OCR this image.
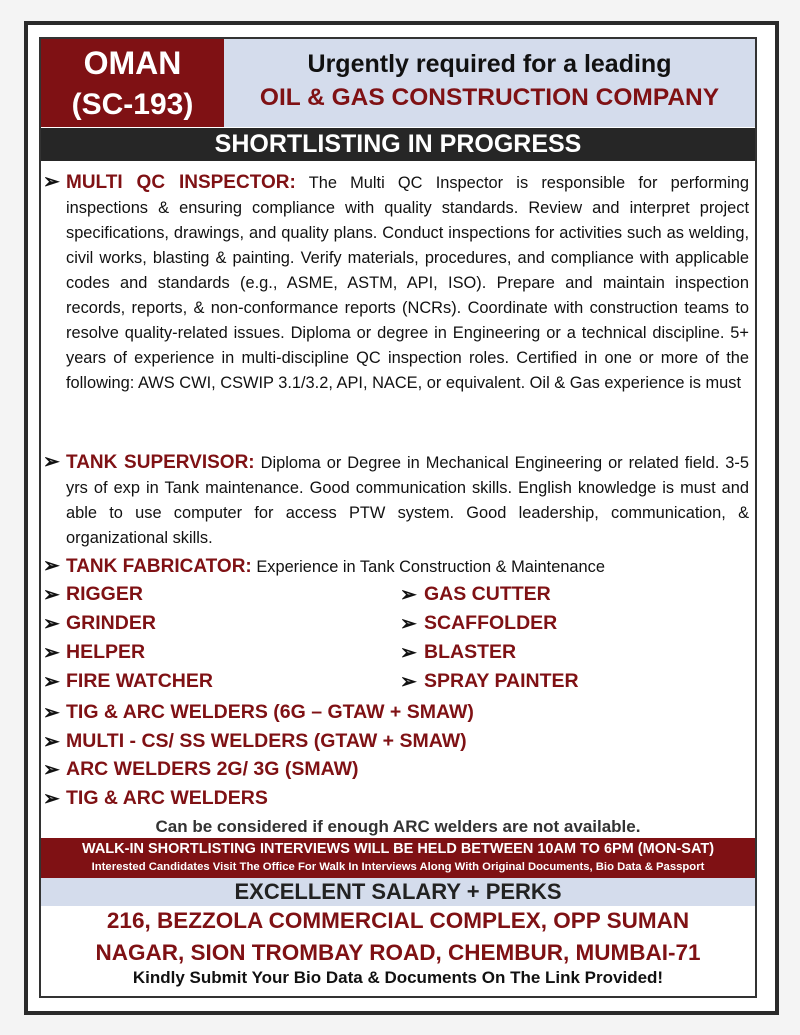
OMAN
(SC-193)
Urgently required for a leading
OIL & GAS CONSTRUCTION COMPANY
SHORTLISTING IN PROGRESS
➢ MULTI QC INSPECTOR: The Multi QC Inspector is responsible for performing inspections & ensuring compliance with quality standards. Review and interpret project specifications, drawings, and quality plans. Conduct inspections for activities such as welding, civil works, blasting & painting. Verify materials, procedures, and compliance with applicable codes and standards (e.g., ASME, ASTM, API, ISO). Prepare and maintain inspection records, reports, & non-conformance reports (NCRs). Coordinate with construction teams to resolve quality-related issues. Diploma or degree in Engineering or a technical discipline. 5+ years of experience in multi-discipline QC inspection roles. Certified in one or more of the following: AWS CWI, CSWIP 3.1/3.2, API, NACE, or equivalent. Oil & Gas experience is must
➢ TANK SUPERVISOR: Diploma or Degree in Mechanical Engineering or related field. 3-5 yrs of exp in Tank maintenance. Good communication skills. English knowledge is must and able to use computer for access PTW system. Good leadership, communication, & organizational skills.
➢ TANK FABRICATOR: Experience in Tank Construction & Maintenance
➢ RIGGER	➢ GAS CUTTER
➢ GRINDER	➢ SCAFFOLDER
➢ HELPER	➢ BLASTER
➢ FIRE WATCHER	➢ SPRAY PAINTER
➢ TIG & ARC WELDERS (6G – GTAW + SMAW)
➢ MULTI - CS/ SS WELDERS (GTAW + SMAW)
➢ ARC WELDERS 2G/ 3G (SMAW)
➢ TIG & ARC WELDERS
Can be considered if enough ARC welders are not available.
WALK-IN SHORTLISTING INTERVIEWS WILL BE HELD BETWEEN 10AM TO 6PM (MON-SAT)
Interested Candidates Visit The Office For Walk In Interviews Along With Original Documents, Bio Data & Passport
EXCELLENT SALARY + PERKS
216, BEZZOLA COMMERCIAL COMPLEX, OPP SUMAN
NAGAR, SION TROMBAY ROAD, CHEMBUR, MUMBAI-71
Kindly Submit Your Bio Data & Documents On The Link Provided!
